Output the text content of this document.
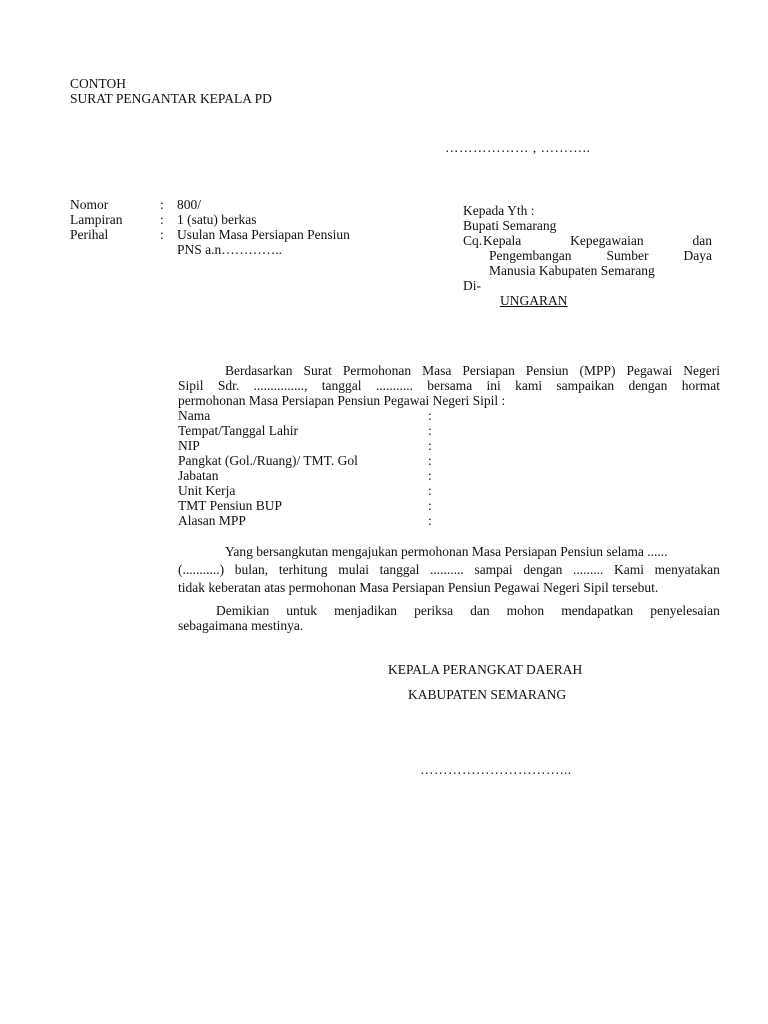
CONTOH
SURAT PENGANTAR KEPALA PD
……………… , ………..
Nomor	: 800/
Lampiran	: 1 (satu) berkas
Perihal	: Usulan Masa Persiapan Pensiun
PNS a.n…………..
Kepada Yth :
Bupati Semarang
Cq. Kepala	Kepegawaian	dan
Pengembangan	Sumber	Daya
Manusia Kabupaten Semarang
Di-
UNGARAN
Berdasarkan Surat Permohonan Masa Persiapan Pensiun (MPP) Pegawai Negeri
Sipil Sdr. ..............., tanggal ........... bersama ini kami sampaikan dengan hormat
permohonan Masa Persiapan Pensiun Pegawai Negeri Sipil :
Nama	:
Tempat/Tanggal Lahir	:
NIP	:
Pangkat (Gol./Ruang)/ TMT. Gol	:
Jabatan	:
Unit Kerja	:
TMT Pensiun BUP	:
Alasan MPP	:
Yang bersangkutan mengajukan permohonan Masa Persiapan Pensiun selama ......
(...........) bulan, terhitung mulai tanggal .......... sampai dengan ......... Kami menyatakan
tidak keberatan atas permohonan Masa Persiapan Pensiun Pegawai Negeri Sipil tersebut.
Demikian untuk menjadikan periksa dan mohon mendapatkan penyelesaian
sebagaimana mestinya.
KEPALA PERANGKAT DAERAH
KABUPATEN SEMARANG
…………………………...
